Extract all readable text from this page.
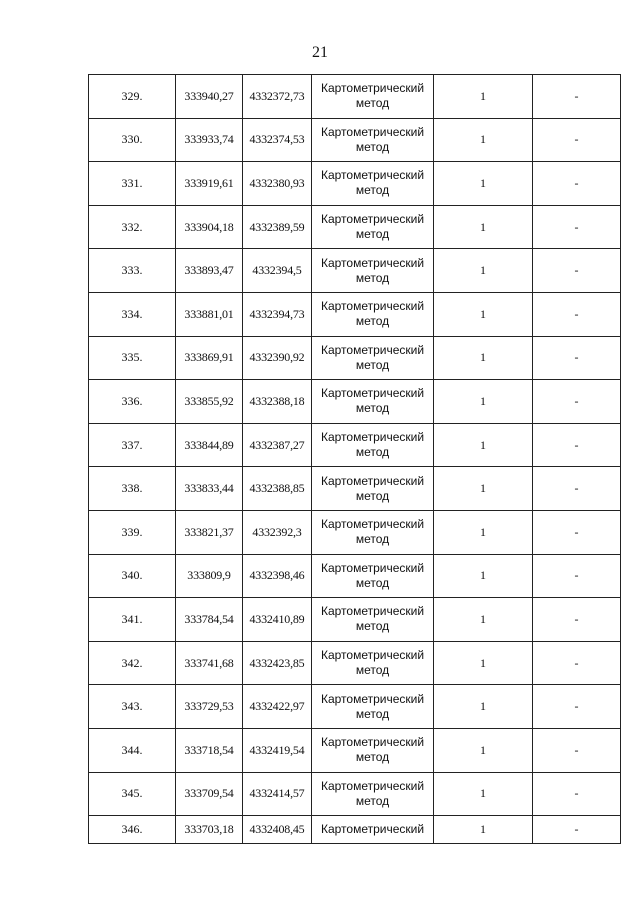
21
329.	333940,27	4332372,73	Картометрический метод	1	-
330.	333933,74	4332374,53	Картометрический метод	1	-
331.	333919,61	4332380,93	Картометрический метод	1	-
332.	333904,18	4332389,59	Картометрический метод	1	-
333.	333893,47	4332394,5	Картометрический метод	1	-
334.	333881,01	4332394,73	Картометрический метод	1	-
335.	333869,91	4332390,92	Картометрический метод	1	-
336.	333855,92	4332388,18	Картометрический метод	1	-
337.	333844,89	4332387,27	Картометрический метод	1	-
338.	333833,44	4332388,85	Картометрический метод	1	-
339.	333821,37	4332392,3	Картометрический метод	1	-
340.	333809,9	4332398,46	Картометрический метод	1	-
341.	333784,54	4332410,89	Картометрический метод	1	-
342.	333741,68	4332423,85	Картометрический метод	1	-
343.	333729,53	4332422,97	Картометрический метод	1	-
344.	333718,54	4332419,54	Картометрический метод	1	-
345.	333709,54	4332414,57	Картометрический метод	1	-
346.	333703,18	4332408,45	Картометрический	1	-
